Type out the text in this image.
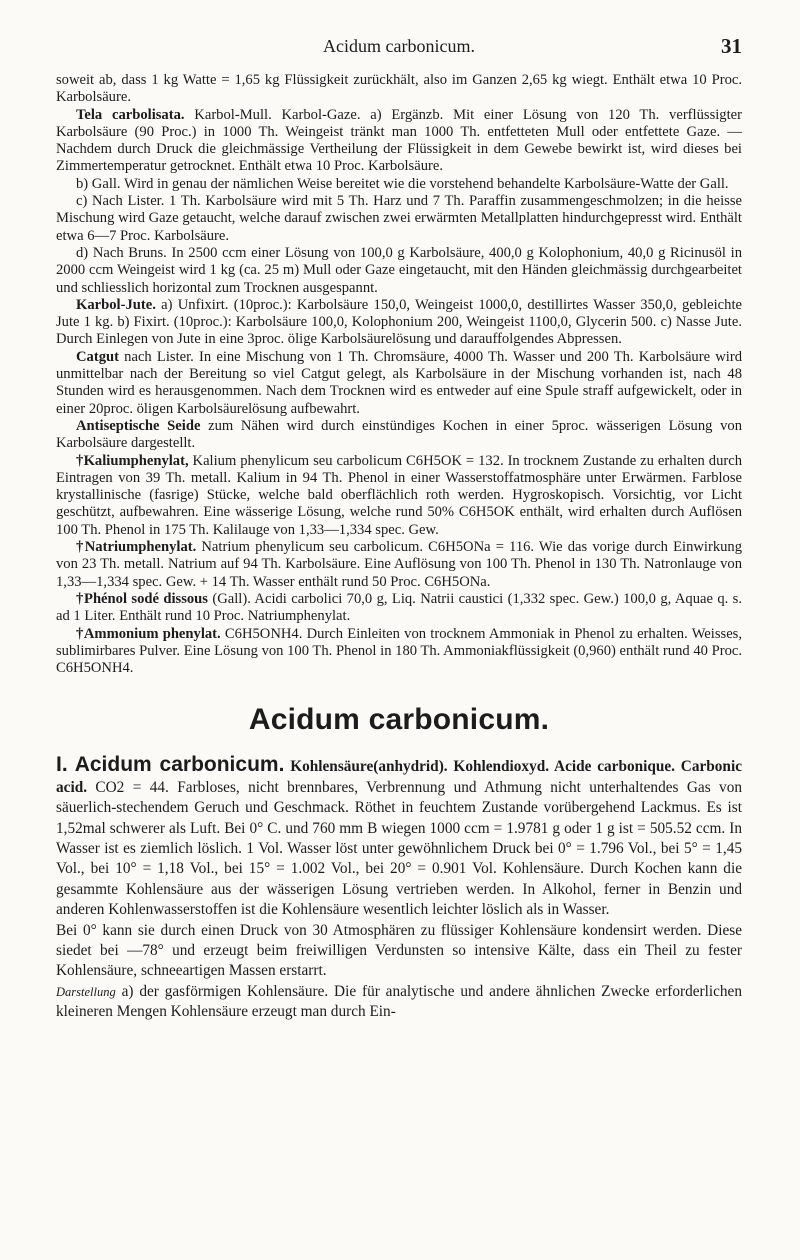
Acidum carbonicum.	31

soweit ab, dass 1 kg Watte = 1,65 kg Flüssigkeit zurückhält, also im Ganzen 2,65 kg wiegt. Enthält etwa 10 Proc. Karbolsäure.

Tela carbolisata. Karbol-Mull. Karbol-Gaze. a) Ergänzb. Mit einer Lösung von 120 Th. verflüssigter Karbolsäure (90 Proc.) in 1000 Th. Weingeist tränkt man 1000 Th. entfetteten Mull oder entfettete Gaze. — Nachdem durch Druck die gleichmässige Vertheilung der Flüssigkeit in dem Gewebe bewirkt ist, wird dieses bei Zimmertemperatur getrocknet. Enthält etwa 10 Proc. Karbolsäure.

b) Gall. Wird in genau der nämlichen Weise bereitet wie die vorstehend behandelte Karbolsäure-Watte der Gall.

c) Nach Lister. 1 Th. Karbolsäure wird mit 5 Th. Harz und 7 Th. Paraffin zusammengeschmolzen; in die heisse Mischung wird Gaze getaucht, welche darauf zwischen zwei erwärmten Metallplatten hindurchgepresst wird. Enthält etwa 6—7 Proc. Karbolsäure.

d) Nach Bruns. In 2500 ccm einer Lösung von 100,0 g Karbolsäure, 400,0 g Kolophonium, 40,0 g Ricinusöl in 2000 ccm Weingeist wird 1 kg (ca. 25 m) Mull oder Gaze eingetaucht, mit den Händen gleichmässig durchgearbeitet und schliesslich horizontal zum Trocknen ausgespannt.

Karbol-Jute. a) Unfixirt. (10proc.): Karbolsäure 150,0, Weingeist 1000,0, destillirtes Wasser 350,0, gebleichte Jute 1 kg. b) Fixirt. (10proc.): Karbolsäure 100,0, Kolophonium 200, Weingeist 1100,0, Glycerin 500. c) Nasse Jute. Durch Einlegen von Jute in eine 3proc. ölige Karbolsäurelösung und darauffolgendes Abpressen.

Catgut nach Lister. In eine Mischung von 1 Th. Chromsäure, 4000 Th. Wasser und 200 Th. Karbolsäure wird unmittelbar nach der Bereitung so viel Catgut gelegt, als Karbolsäure in der Mischung vorhanden ist, nach 48 Stunden wird es herausgenommen. Nach dem Trocknen wird es entweder auf eine Spule straff aufgewickelt, oder in einer 20proc. öligen Karbolsäurelösung aufbewahrt.

Antiseptische Seide zum Nähen wird durch einstündiges Kochen in einer 5proc. wässerigen Lösung von Karbolsäure dargestellt.

†Kaliumphenylat, Kalium phenylicum seu carbolicum C6H5OK = 132. In trocknem Zustande zu erhalten durch Eintragen von 39 Th. metall. Kalium in 94 Th. Phenol in einer Wasserstoffatmosphäre unter Erwärmen. Farblose krystallinische (fasrige) Stücke, welche bald oberflächlich roth werden. Hygroskopisch. Vorsichtig, vor Licht geschützt, aufbewahren. Eine wässerige Lösung, welche rund 50% C6H5OK enthält, wird erhalten durch Auflösen 100 Th. Phenol in 175 Th. Kalilauge von 1,33—1,334 spec. Gew.

†Natriumphenylat. Natrium phenylicum seu carbolicum. C6H5ONa = 116. Wie das vorige durch Einwirkung von 23 Th. metall. Natrium auf 94 Th. Karbolsäure. Eine Auflösung von 100 Th. Phenol in 130 Th. Natronlauge von 1,33—1,334 spec. Gew. + 14 Th. Wasser enthält rund 50 Proc. C6H5ONa.

†Phénol sodé dissous (Gall). Acidi carbolici 70,0 g, Liq. Natrii caustici (1,332 spec. Gew.) 100,0 g, Aquae q. s. ad 1 Liter. Enthält rund 10 Proc. Natriumphenylat.

†Ammonium phenylat. C6H5ONH4. Durch Einleiten von trocknem Ammoniak in Phenol zu erhalten. Weisses, sublimirbares Pulver. Eine Lösung von 100 Th. Phenol in 180 Th. Ammoniakflüssigkeit (0,960) enthält rund 40 Proc. C6H5ONH4.

Acidum carbonicum.

I. Acidum carbonicum. Kohlensäure(anhydrid). Kohlendioxyd. Acide carbonique. Carbonic acid. CO2 = 44. Farbloses, nicht brennbares, Verbrennung und Athmung nicht unterhaltendes Gas von säuerlich-stechendem Geruch und Geschmack. Röthet in feuchtem Zustande vorübergehend Lackmus. Es ist 1,52mal schwerer als Luft. Bei 0° C. und 760 mm B wiegen 1000 ccm = 1.9781 g oder 1 g ist = 505.52 ccm. In Wasser ist es ziemlich löslich. 1 Vol. Wasser löst unter gewöhnlichem Druck bei 0° = 1.796 Vol., bei 5° = 1,45 Vol., bei 10° = 1,18 Vol., bei 15° = 1.002 Vol., bei 20° = 0.901 Vol. Kohlensäure. Durch Kochen kann die gesammte Kohlensäure aus der wässerigen Lösung vertrieben werden. In Alkohol, ferner in Benzin und anderen Kohlenwasserstoffen ist die Kohlensäure wesentlich leichter löslich als in Wasser.

Bei 0° kann sie durch einen Druck von 30 Atmosphären zu flüssiger Kohlensäure kondensirt werden. Diese siedet bei —78° und erzeugt beim freiwilligen Verdunsten so intensive Kälte, dass ein Theil zu fester Kohlensäure, schneeartigen Massen erstarrt.

Darstellung a) der gasförmigen Kohlensäure. Die für analytische und andere ähnlichen Zwecke erforderlichen kleineren Mengen Kohlensäure erzeugt man durch Ein-
